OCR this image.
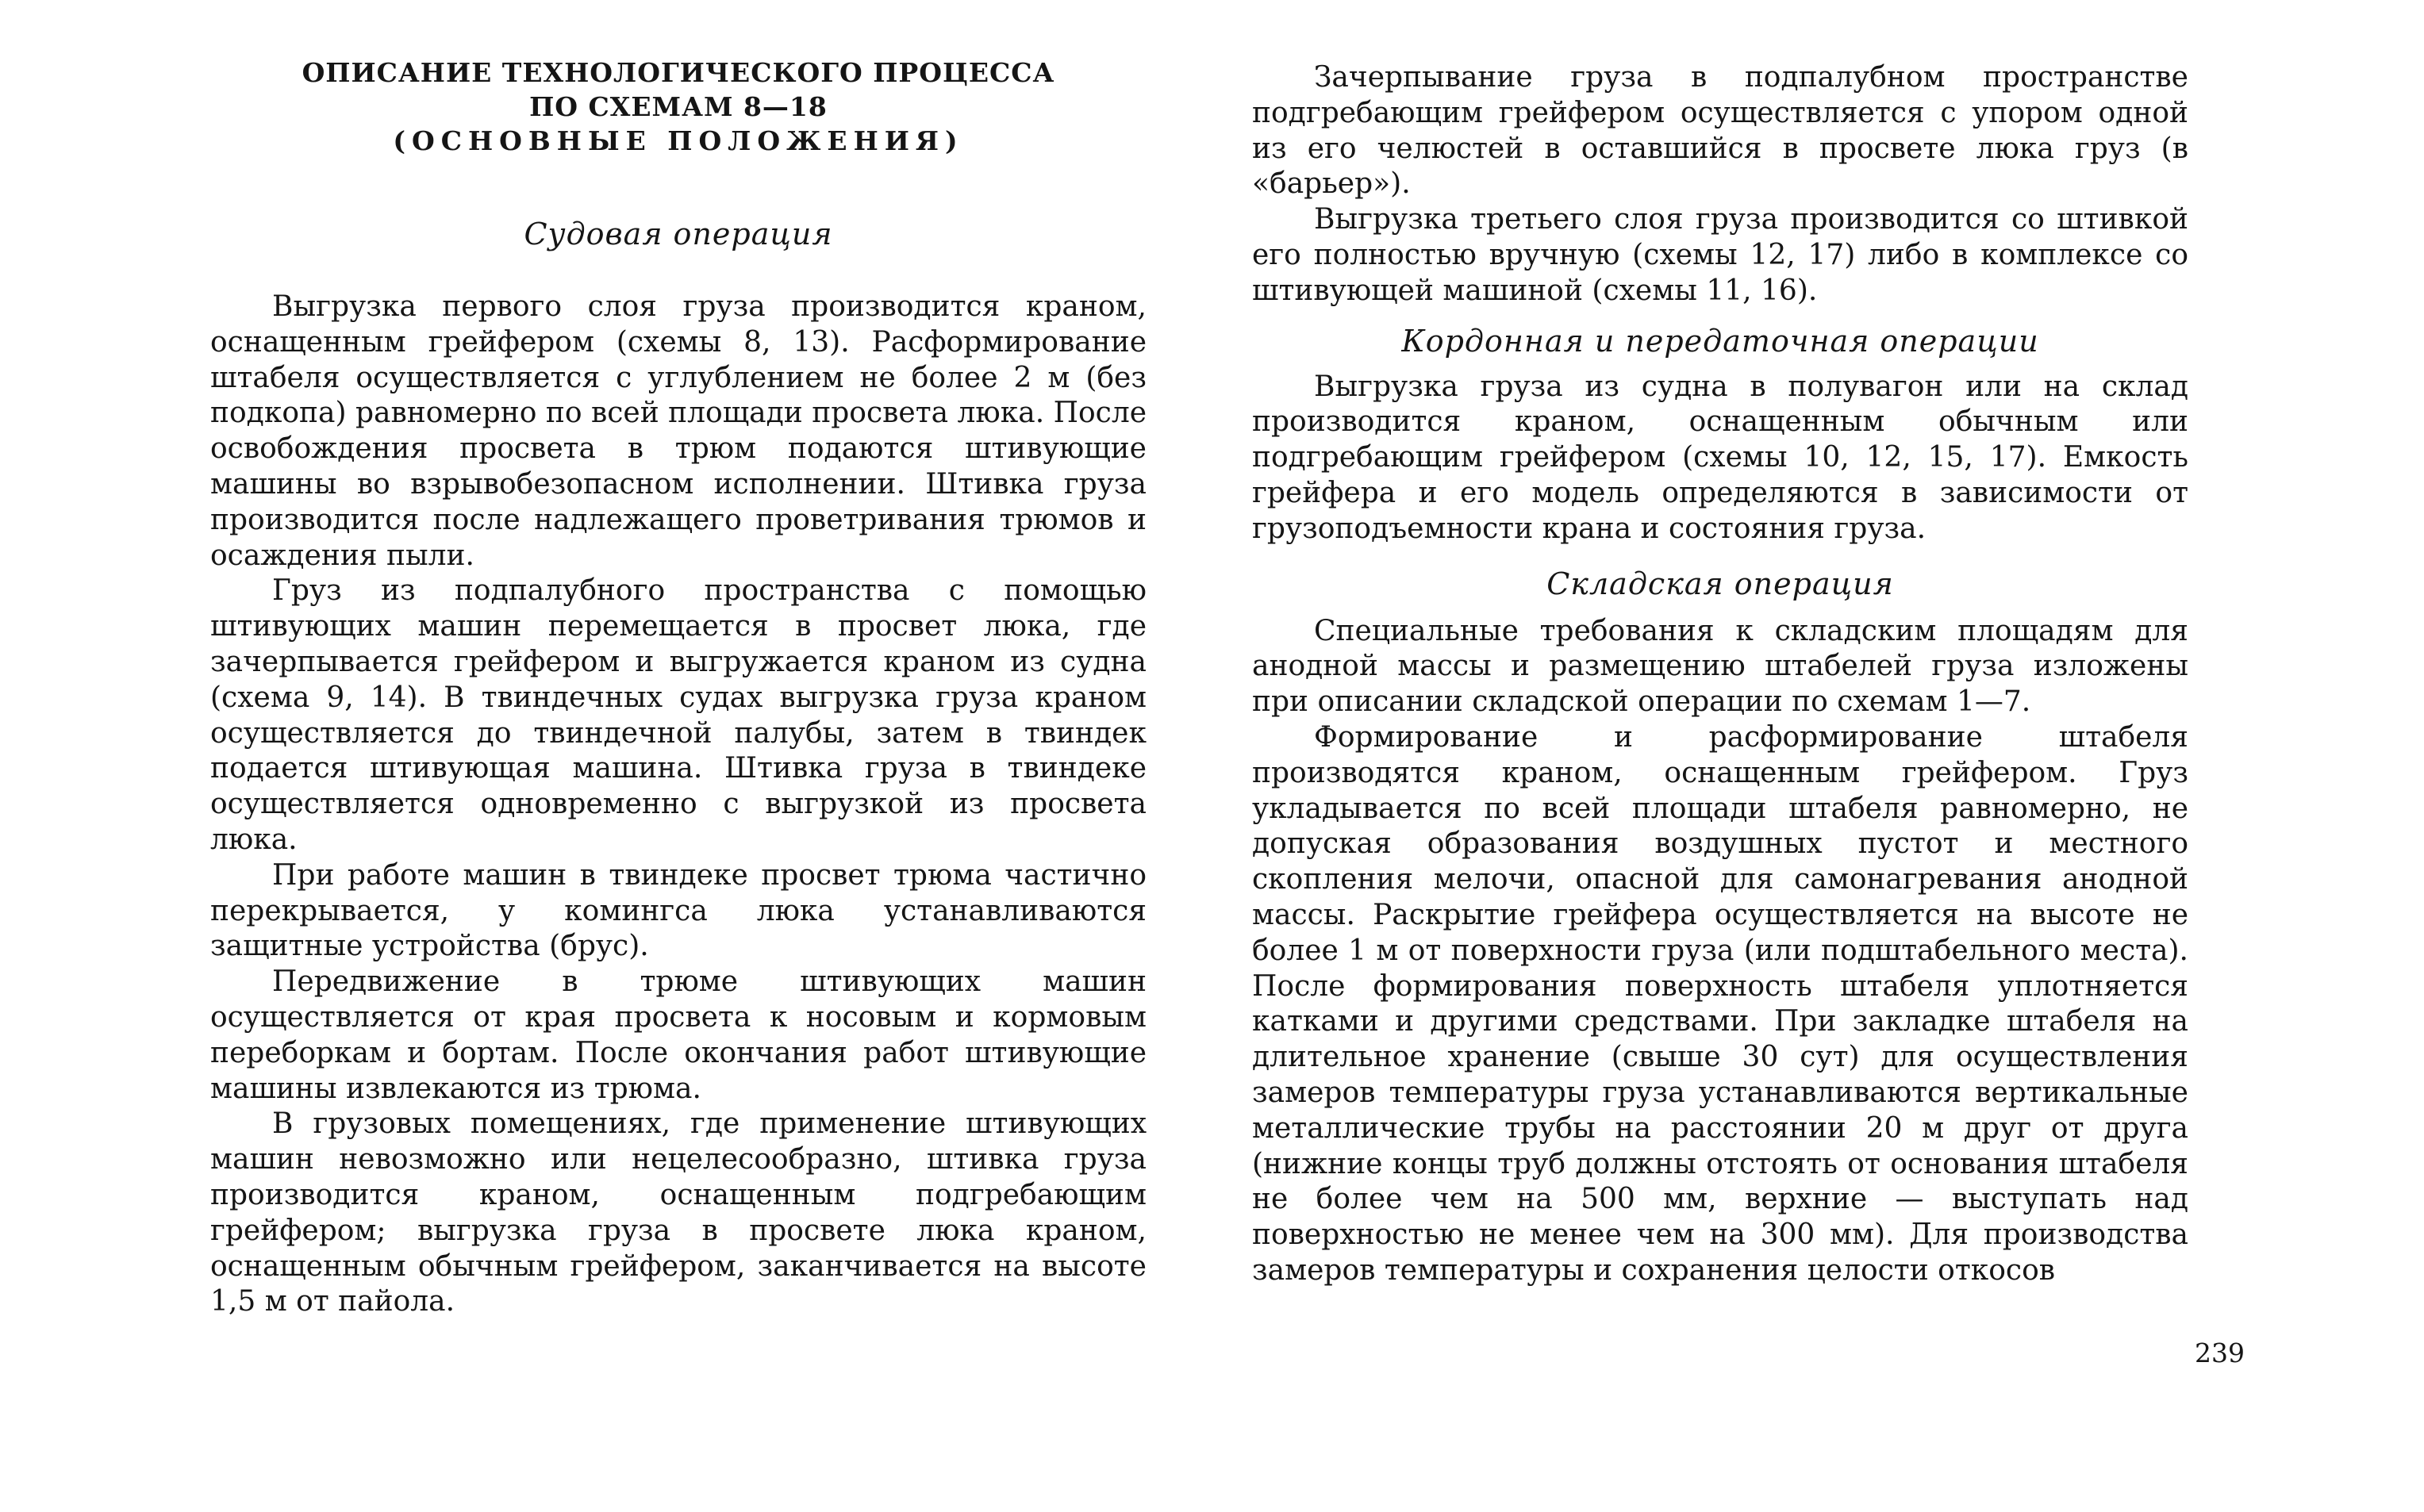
ОПИСАНИЕ ТЕХНОЛОГИЧЕСКОГО ПРОЦЕССА
ПО СХЕМАМ 8—18
(ОСНОВНЫЕ ПОЛОЖЕНИЯ)
Судовая операция

Выгрузка первого слоя груза производится краном, оснащенным грейфером (схемы 8, 13). Расформирование штабеля осуществляется с углублением не более 2 м (без подкопа) равномерно по всей площади просвета люка. После освобождения просвета в трюм подаются штивующие машины во взрывобезопасном исполнении. Штивка груза производится после надлежащего проветривания трюмов и осаждения пыли.

Груз из подпалубного пространства с помощью штивующих машин перемещается в просвет люка, где зачерпывается грейфером и выгружается краном из судна (схема 9, 14). В твиндечных судах выгрузка груза краном осуществляется до твиндечной палубы, затем в твиндек подается штивующая машина. Штивка груза в твиндеке осуществляется одновременно с выгрузкой из просвета люка.

При работе машин в твиндеке просвет трюма частично перекрывается, у комингса люка устанавливаются защитные устройства (брус).

Передвижение в трюме штивующих машин осуществляется от края просвета к носовым и кормовым переборкам и бортам. После окончания работ штивующие машины извлекаются из трюма.

В грузовых помещениях, где применение штивующих машин невозможно или нецелесообразно, штивка груза производится краном, оснащенным подгребающим грейфером; выгрузка груза в просвете люка краном, оснащенным обычным грейфером, заканчивается на высоте 1,5 м от пайола.

Зачерпывание груза в подпалубном пространстве подгребающим грейфером осуществляется с упором одной из его челюстей в оставшийся в просвете люка груз (в «барьер»).

Выгрузка третьего слоя груза производится со штивкой его полностью вручную (схемы 12, 17) либо в комплексе со штивующей машиной (схемы 11, 16).

Кордонная и передаточная операции

Выгрузка груза из судна в полувагон или на склад производится краном, оснащенным обычным или подгребающим грейфером (схемы 10, 12, 15, 17). Емкость грейфера и его модель определяются в зависимости от грузоподъемности крана и состояния груза.

Складская операция

Специальные требования к складским площадям для анодной массы и размещению штабелей груза изложены при описании складской операции по схемам 1—7.

Формирование и расформирование штабеля производятся краном, оснащенным грейфером. Груз укладывается по всей площади штабеля равномерно, не допуская образования воздушных пустот и местного скопления мелочи, опасной для самонагревания анодной массы. Раскрытие грейфера осуществляется на высоте не более 1 м от поверхности груза (или подштабельного места). После формирования поверхность штабеля уплотняется катками и другими средствами. При закладке штабеля на длительное хранение (свыше 30 сут) для осуществления замеров температуры груза устанавливаются вертикальные металлические трубы на расстоянии 20 м друг от друга (нижние концы труб должны отстоять от основания штабеля не более чем на 500 мм, верхние — выступать над поверхностью не менее чем на 300 мм). Для производства замеров температуры и сохранения целости откосов

239
